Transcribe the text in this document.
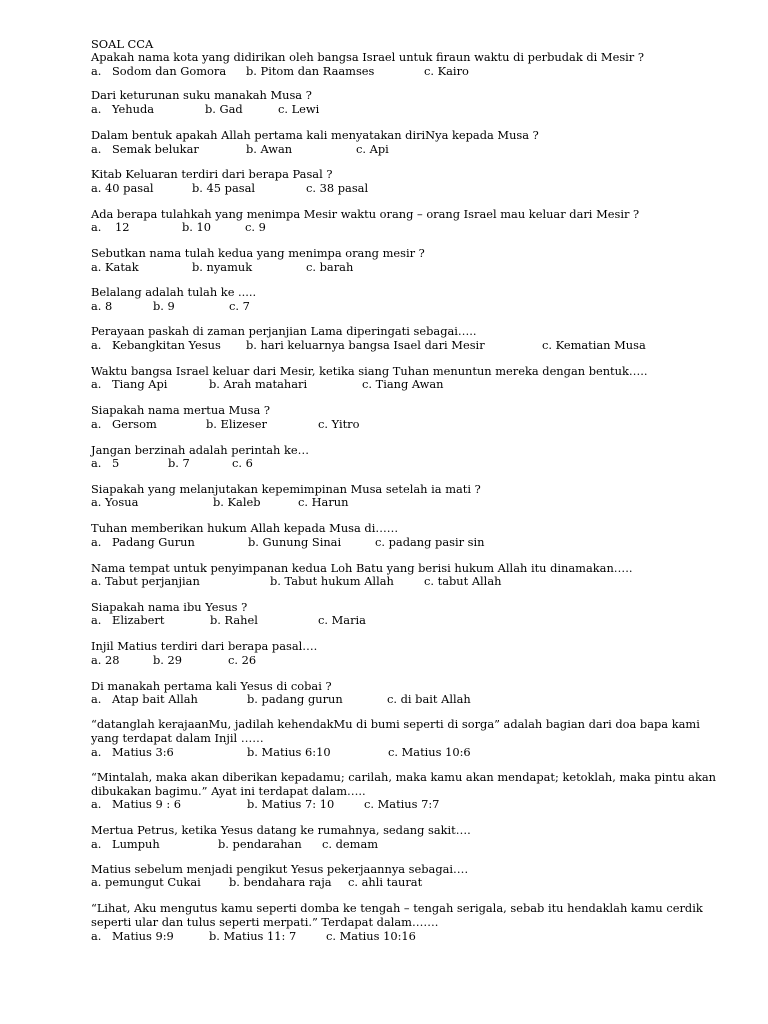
SOAL CCA
Apakah nama kota yang didirikan oleh bangsa Israel untuk firaun waktu di perbudak di Mesir ?
a. Sodom dan Gomora b. Pitom dan Raamses	c. Kairo
Dari keturunan suku manakah Musa ?
a. Yehuda	b. Gad	c. Lewi
Dalam bentuk apakah Allah pertama kali menyatakan diriNya kepada Musa ?
a. Semak belukar	b. Awan	c. Api
Kitab Keluaran terdiri dari berapa Pasal ?
a. 40 pasal	b. 45 pasal	c. 38 pasal
Ada berapa tulahkah yang menimpa Mesir waktu orang – orang Israel mau keluar dari Mesir ?
a. 12	b. 10	c. 9
Sebutkan nama tulah kedua yang menimpa orang mesir ?
a. Katak	b. nyamuk	c. barah
Belalang adalah tulah ke .....
a. 8	b. 9	c. 7
Perayaan paskah di zaman perjanjian Lama diperingati sebagai…..
a. Kebangkitan Yesus b. hari keluarnya bangsa Isael dari Mesir	c. Kematian Musa
Waktu bangsa Israel keluar dari Mesir, ketika siang Tuhan menuntun mereka dengan bentuk…..
a. Tiang Api	b. Arah matahari	c. Tiang Awan
Siapakah nama mertua Musa ?
a. Gersom	b. Elizeser	c. Yitro
Jangan berzinah adalah perintah ke…
a. 5	b. 7	c. 6
Siapakah yang melanjutakan kepemimpinan Musa setelah ia mati ?
a. Yosua	b. Kaleb	c. Harun
Tuhan memberikan hukum Allah kepada Musa di……
a. Padang Gurun	b. Gunung Sinai	c. padang pasir sin
Nama tempat untuk penyimpanan kedua Loh Batu yang berisi hukum Allah itu dinamakan…..
a. Tabut perjanjian	b. Tabut hukum Allah	c. tabut Allah
Siapakah nama ibu Yesus ?
a. Elizabert	b. Rahel	c. Maria
Injil Matius terdiri dari berapa pasal….
a. 28	b. 29	c. 26
Di manakah pertama kali Yesus di cobai ?
a. Atap bait Allah	b. padang gurun	c. di bait Allah
“datanglah kerajaanMu, jadilah kehendakMu di bumi seperti di sorga” adalah bagian dari doa bapa kami
yang terdapat dalam Injil ……
a. Matius 3:6	b. Matius 6:10	c. Matius 10:6
“Mintalah, maka akan diberikan kepadamu; carilah, maka kamu akan mendapat; ketoklah, maka pintu akan
dibukakan bagimu.” Ayat ini terdapat dalam…..
a. Matius 9 : 6	b. Matius 7: 10	c. Matius 7:7
Mertua Petrus, ketika Yesus datang ke rumahnya, sedang sakit….
a. Lumpuh	b. pendarahan c. demam
Matius sebelum menjadi pengikut Yesus pekerjaannya sebagai….
a. pemungut Cukai b. bendahara raja c. ahli taurat
“Lihat, Aku mengutus kamu seperti domba ke tengah – tengah serigala, sebab itu hendaklah kamu cerdik
seperti ular dan tulus seperti merpati.” Terdapat dalam…….
a. Matius 9:9	b. Matius 11: 7	c. Matius 10:16
